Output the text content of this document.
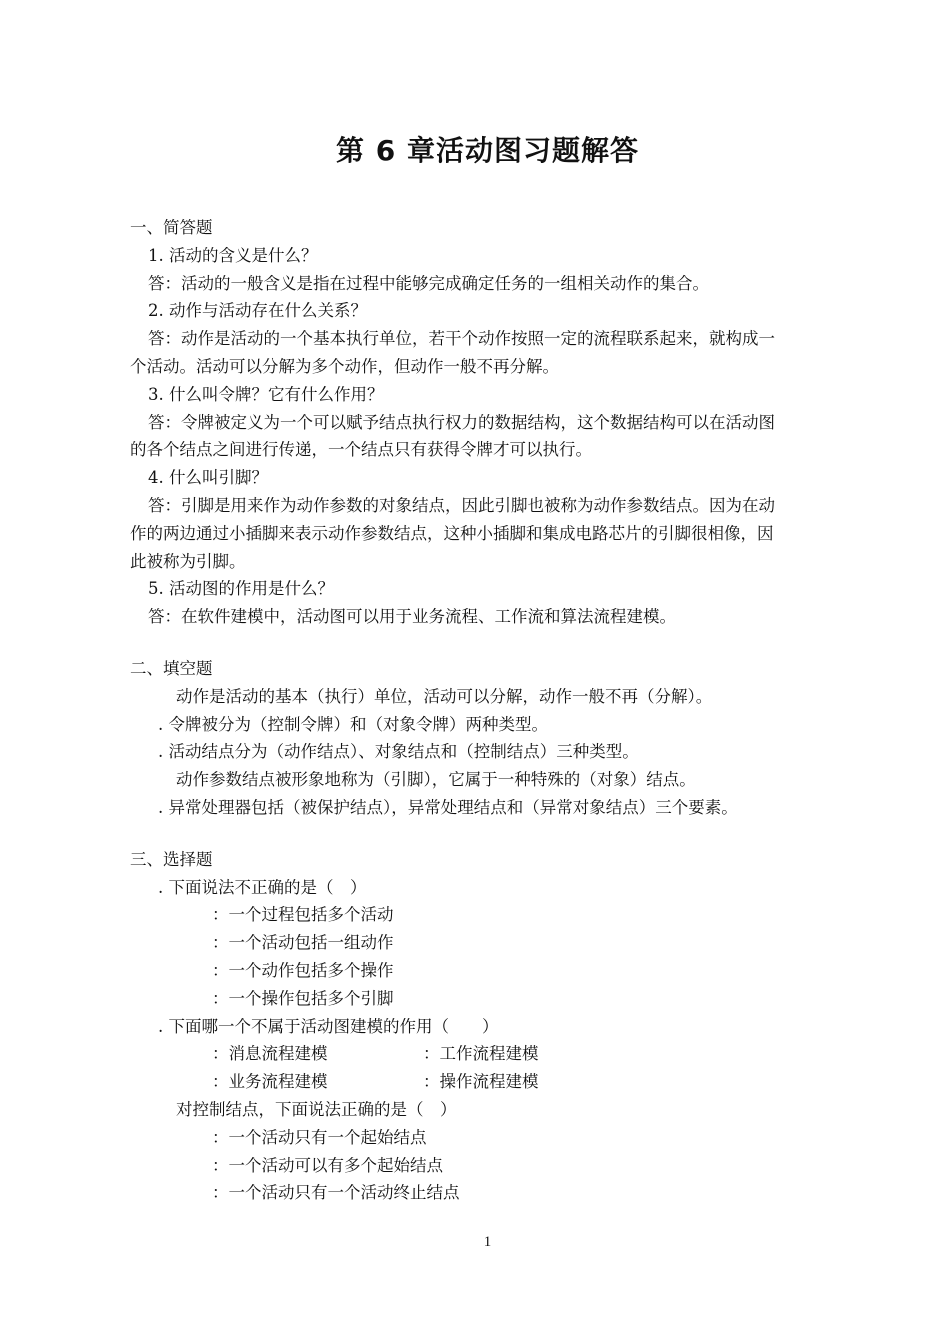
第 6 章活动图习题解答
一、简答题
1. 活动的含义是什么？
答：活动的一般含义是指在过程中能够完成确定任务的一组相关动作的集合。
2. 动作与活动存在什么关系？
答：动作是活动的一个基本执行单位，若干个动作按照一定的流程联系起来，就构成一
个活动。活动可以分解为多个动作，但动作一般不再分解。
3. 什么叫令牌？它有什么作用？
答：令牌被定义为一个可以赋予结点执行权力的数据结构，这个数据结构可以在活动图
的各个结点之间进行传递，一个结点只有获得令牌才可以执行。
4. 什么叫引脚？
答：引脚是用来作为动作参数的对象结点，因此引脚也被称为动作参数结点。因为在动
作的两边通过小插脚来表示动作参数结点，这种小插脚和集成电路芯片的引脚很相像，因
此被称为引脚。
5. 活动图的作用是什么？
答：在软件建模中，活动图可以用于业务流程、工作流和算法流程建模。
二、填空题
动作是活动的基本（执行）单位，活动可以分解，动作一般不再（分解）。
. 令牌被分为（控制令牌）和（对象令牌）两种类型。
. 活动结点分为（动作结点）、对象结点和（控制结点）三种类型。
动作参数结点被形象地称为（引脚），它属于一种特殊的（对象）结点。
. 异常处理器包括（被保护结点），异常处理结点和（异常对象结点）三个要素。
三、选择题
. 下面说法不正确的是（　）
：一个过程包括多个活动
：一个活动包括一组动作
：一个动作包括多个操作
：一个操作包括多个引脚
. 下面哪一个不属于活动图建模的作用（　　）
：消息流程建模	：工作流程建模
：业务流程建模	：操作流程建模
对控制结点，下面说法正确的是（　）
：一个活动只有一个起始结点
：一个活动可以有多个起始结点
：一个活动只有一个活动终止结点
1
